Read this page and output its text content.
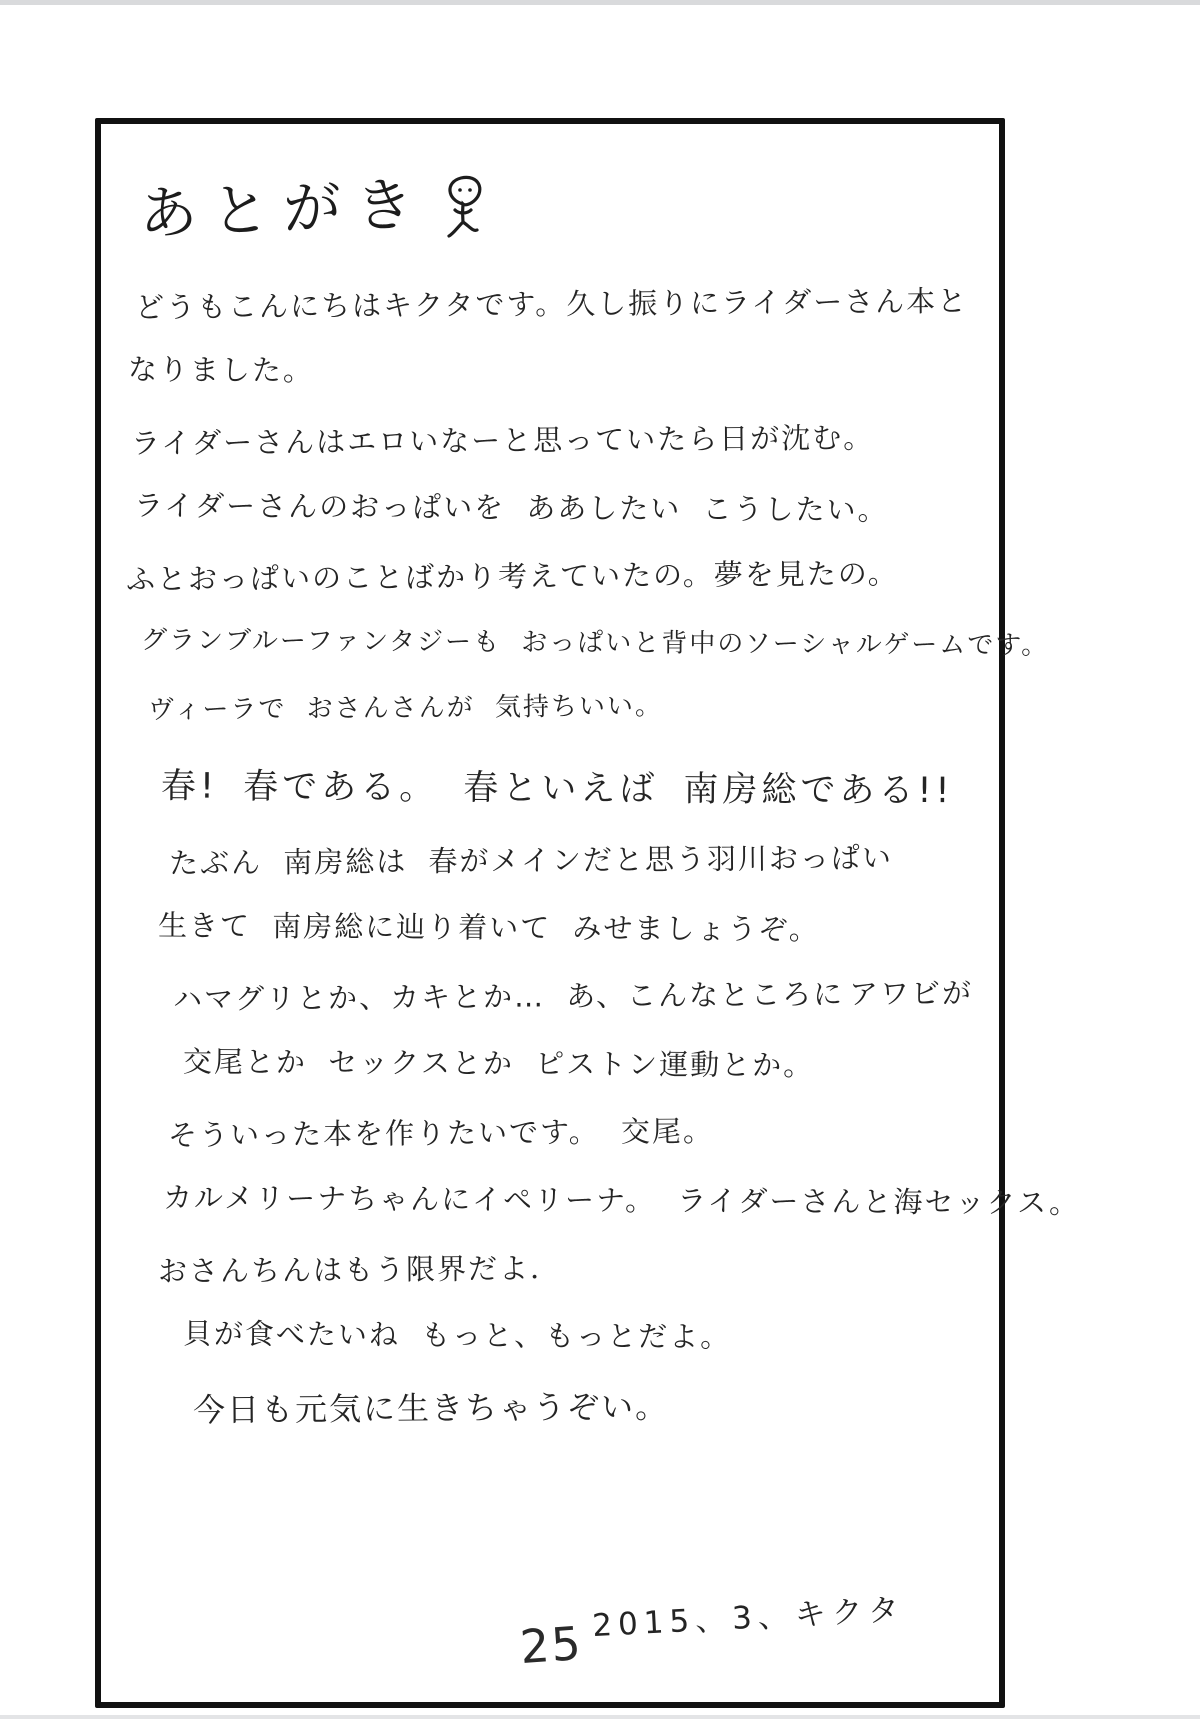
あとがき
どうもこんにちはキクタです。久し振りにライダーさん本と
なりました。
ライダーさんはエロいなーと思っていたら日が沈む。
ライダーさんのおっぱいを ああしたい こうしたい。
ふとおっぱいのことばかり考えていたの。夢を見たの。
グランブルーファンタジーも おっぱいと背中のソーシャルゲームです。
ヴィーラで おさんさんが 気持ちいい。
春! 春である。 春といえば 南房総である!!
たぶん 南房総は 春がメインだと思う羽川おっぱい
生きて 南房総に辿り着いて みせましょうぞ。
ハマグリとか、カキとか… あ、こんなところに アワビが
交尾とか セックスとか ピストン運動とか。
そういった本を作りたいです。 交尾。
カルメリーナちゃんにイペリーナ。 ライダーさんと海セックス。
おさんちんはもう限界だよ．
貝が食べたいね もっと、もっとだよ。
今日も元気に生きちゃうぞい。
2015、3、キクタ
25
